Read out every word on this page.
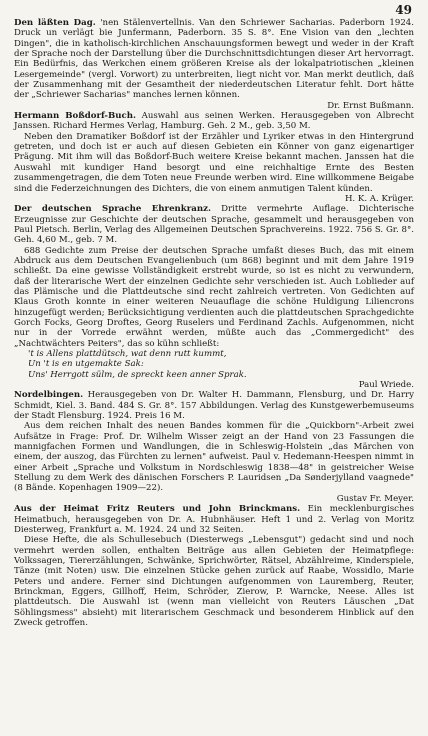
49

Den läßten Dag. 'nen Stälenvertellnis. Van den Schriewer Sacharias. Paderborn 1924. Druck un verlägt bie Junfermann, Paderborn. 35 S. 8°. Ene Vision van den „lechten Dingen", die in katholisch-kirchlichen Anschauungsformen bewegt und weder in der Kraft der Sprache noch der Darstellung über die Durchschnittsdichtungen dieser Art hervorragt. Ein Bedürfnis, das Werkchen einem größeren Kreise als der lokalpatriotischen „kleinen Lesergemeinde" (vergl. Vorwort) zu unterbreiten, liegt nicht vor. Man merkt deutlich, daß der Zusammenhang mit der Gesamtheit der niederdeutschen Literatur fehlt. Dort hätte der „Schriewer Sacharias" manches lernen können.
Dr. Ernst Bußmann.

Hermann Boßdorf-Buch. Auswahl aus seinen Werken. Herausgegeben von Albrecht Janssen. Richard Hermes Verlag, Hamburg. Geh. 2 M., geb. 3,50 M.

Neben den Dramatiker Boßdorf ist der Erzähler und Lyriker etwas in den Hintergrund getreten, und doch ist er auch auf diesen Gebieten ein Könner von ganz eigenartiger Prägung. Mit ihm will das Boßdorf-Buch weitere Kreise bekannt machen. Janssen hat die Auswahl mit kundiger Hand besorgt und eine reichhaltige Ernte des Besten zusammengetragen, die dem Toten neue Freunde werben wird. Eine willkommene Beigabe sind die Federzeichnungen des Dichters, die von einem anmutigen Talent künden.
H. K. A. Krüger.

Der deutschen Sprache Ehrenkranz. Dritte vermehrte Auflage. Dichterische Erzeugnisse zur Geschichte der deutschen Sprache, gesammelt und herausgegeben von Paul Pietsch. Berlin, Verlag des Allgemeinen Deutschen Sprachvereins. 1922. 756 S. Gr. 8°. Geh. 4,60 M., geb. 7 M.

688 Gedichte zum Preise der deutschen Sprache umfaßt dieses Buch, das mit einem Abdruck aus dem Deutschen Evangelienbuch (um 868) beginnt und mit dem Jahre 1919 schließt. Da eine gewisse Vollständigkeit erstrebt wurde, so ist es nicht zu verwundern, daß der literarische Wert der einzelnen Gedichte sehr verschieden ist. Auch Loblieder auf das Plämische und die Plattdeutsche sind recht zahlreich vertreten. Von Gedichten auf Klaus Groth konnte in einer weiteren Neuauflage die schöne Huldigung Liliencrons hinzugefügt werden; Berücksichtigung verdienten auch die plattdeutschen Sprachgedichte Gorch Focks, Georg Droftes, Georg Ruselers und Ferdinand Zachls. Aufgenommen, nicht nur in der Vorrede erwähnt werden, müßte auch das „Commergedicht" des „Nachtwächters Peiters", das so kühn schließt:

't is Allens plattdütsch, wat denn rutt kummt,

Un 't is en utgemakte Sak:

Uns' Herrgott sülm, de spreckt keen anner Sprak.

Paul Wriede.

Nordelbingen. Herausgegeben von Dr. Walter H. Dammann, Flensburg, und Dr. Harry Schmidt, Kiel. 3. Band. 484 S. Gr. 8°. 157 Abbildungen. Verlag des Kunstgewerbemuseums der Stadt Flensburg. 1924. Preis 16 M.

Aus dem reichen Inhalt des neuen Bandes kommen für die „Quickborn"-Arbeit zwei Aufsätze in Frage: Prof. Dr. Wilhelm Wisser zeigt an der Hand von 23 Fassungen die mannigfachen Formen und Wandlungen, die in Schleswig-Holstein „das Märchen von einem, der auszog, das Fürchten zu lernen" aufweist. Paul v. Hedemann-Heespen nimmt in einer Arbeit „Sprache und Volkstum in Nordschleswig 1838—48" in geistreicher Weise Stellung zu dem Werk des dänischen Forschers P. Lauridsen „Da Sønderjylland vaagnede" (8 Bände. Kopenhagen 1909—22).
Gustav Fr. Meyer.

Aus der Heimat Fritz Reuters und John Brinckmans. Ein mecklenburgisches Heimatbuch, herausgegeben von Dr. A. Hubnhäuser. Heft 1 und 2. Verlag von Moritz Diesterweg, Frankfurt a. M. 1924. 24 und 32 Seiten.

Diese Hefte, die als Schullesebuch (Diesterwegs „Lebensgut") gedacht sind und noch vermehrt werden sollen, enthalten Beiträge aus allen Gebieten der Heimatpflege: Volkssagen, Tiererzählungen, Schwänke, Sprichwörter, Rätsel, Abzählreime, Kinderspiele, Tänze (mit Noten) usw. Die einzelnen Stücke gehen zurück auf Raabe, Wossidlo, Marie Peters und andere. Ferner sind Dichtungen aufgenommen von Lauremberg, Reuter, Brinckman, Eggers, Gillhoff, Heim, Schröder, Zierow, P. Warncke, Neese. Alles ist plattdeutsch. Die Auswahl ist (wenn man vielleicht von Reuters Läuschen „Dat Söhlingsmess" absieht) mit literarischem Geschmack und besonderem Hinblick auf den Zweck getroffen.
